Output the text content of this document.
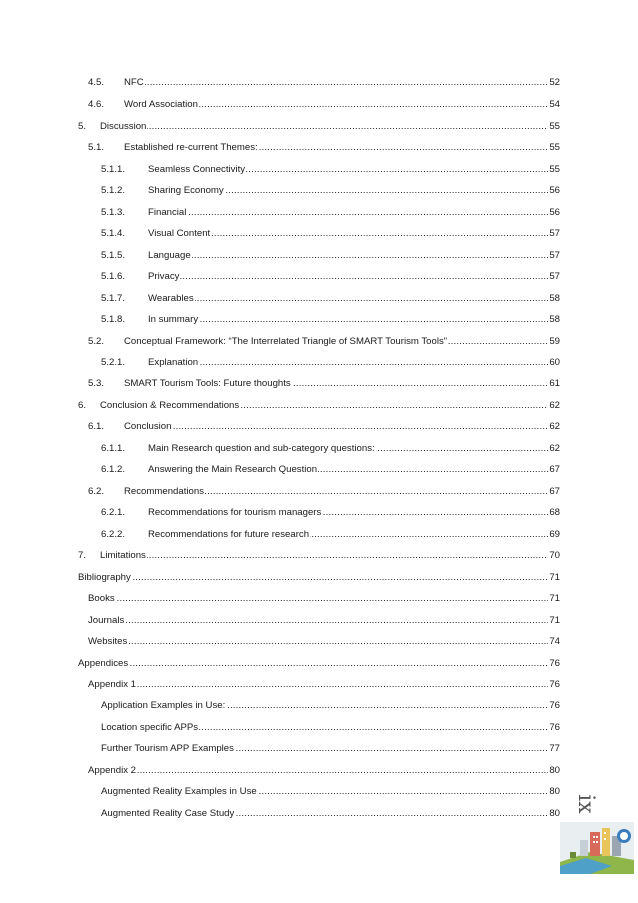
4.5. ..... NFC	52
4.6. ..... Word Association	54
5. ..... Discussion	55
5.1. ..... Established re-current Themes:	55
5.1.1. ..... Seamless Connectivity	55
5.1.2. ..... Sharing Economy	56
5.1.3. ..... Financial	56
5.1.4. ..... Visual Content	57
5.1.5. ..... Language	57
5.1.6. ..... Privacy	57
5.1.7. ..... Wearables	58
5.1.8. ..... In summary	58
5.2. ..... Conceptual Framework: “The Interrelated Triangle of SMART Tourism Tools”	59
5.2.1. ..... Explanation	60
5.3. ..... SMART Tourism Tools: Future thoughts	61
6. ..... Conclusion & Recommendations	62
6.1. ..... Conclusion	62
6.1.1. ..... Main Research question and sub-category questions:	62
6.1.2. ..... Answering the Main Research Question	67
6.2. ..... Recommendations	67
6.2.1. ..... Recommendations for tourism managers	68
6.2.2. ..... Recommendations for future research	69
7. ..... Limitations	70
.....
Bibliography	71
.....
Books	71
.....
Journals	71
.....
Websites	74
.....
Appendices	76
.....
Appendix 1	76
.....
Application Examples in Use:	76
.....
Location specific APPs	76
.....
Further Tourism APP Examples	77
.....
Appendix 2	80
.....
Augmented Reality Examples in Use	80
.....
Augmented Reality Case Study	80 ix
